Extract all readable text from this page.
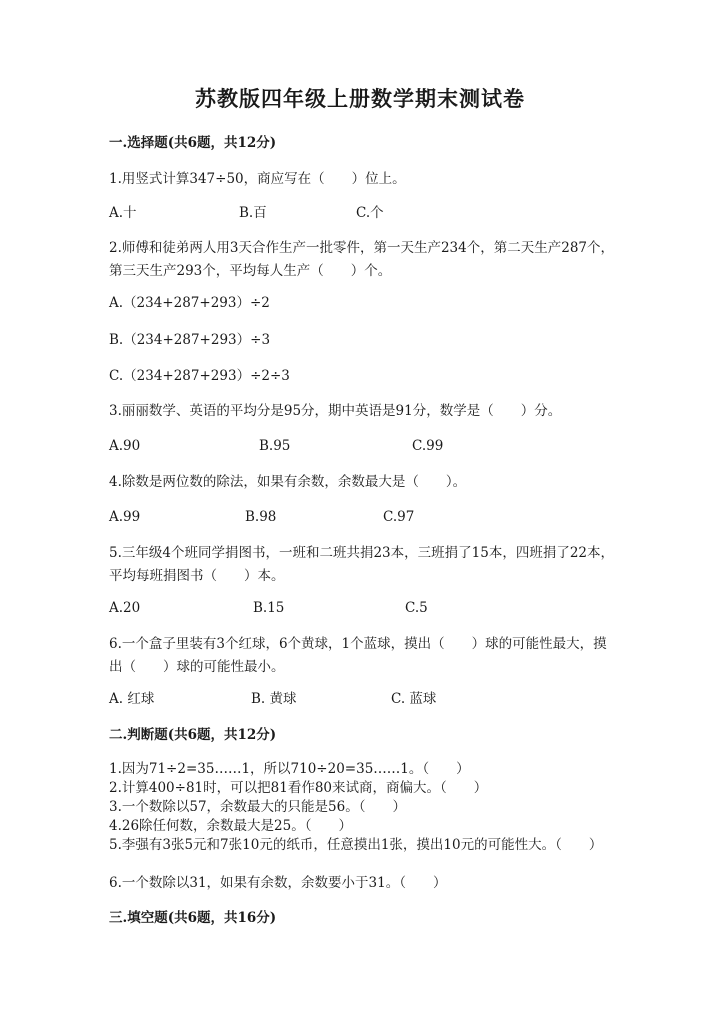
苏教版四年级上册数学期末测试卷
一.选择题(共6题，共12分)
1.用竖式计算347÷50，商应写在（　　）位上。
A.十	B.百	C.个
2.师傅和徒弟两人用3天合作生产一批零件，第一天生产234个，第二天生产287个，第三天生产293个，平均每人生产（　　）个。
A.（234+287+293）÷2
B.（234+287+293）÷3
C.（234+287+293）÷2÷3
3.丽丽数学、英语的平均分是95分，期中英语是91分，数学是（　　）分。
A.90	B.95	C.99
4.除数是两位数的除法，如果有余数，余数最大是（　　）。
A.99	B.98	C.97
5.三年级4个班同学捐图书，一班和二班共捐23本，三班捐了15本，四班捐了22本，平均每班捐图书（　　）本。
A.20	B.15	C.5
6.一个盒子里装有3个红球，6个黄球，1个蓝球，摸出（　　）球的可能性最大，摸出（　　）球的可能性最小。
A. 红球	B. 黄球	C. 蓝球
二.判断题(共6题，共12分)
1.因为71÷2=35……1，所以710÷20=35……1。（　　）
2.计算400÷81时，可以把81看作80来试商，商偏大。（　　）
3.一个数除以57，余数最大的只能是56。（　　）
4.26除任何数，余数最大是25。（　　）
5.李强有3张5元和7张10元的纸币，任意摸出1张，摸出10元的可能性大。（　　）
6.一个数除以31，如果有余数，余数要小于31。（　　）
三.填空题(共6题，共16分)
